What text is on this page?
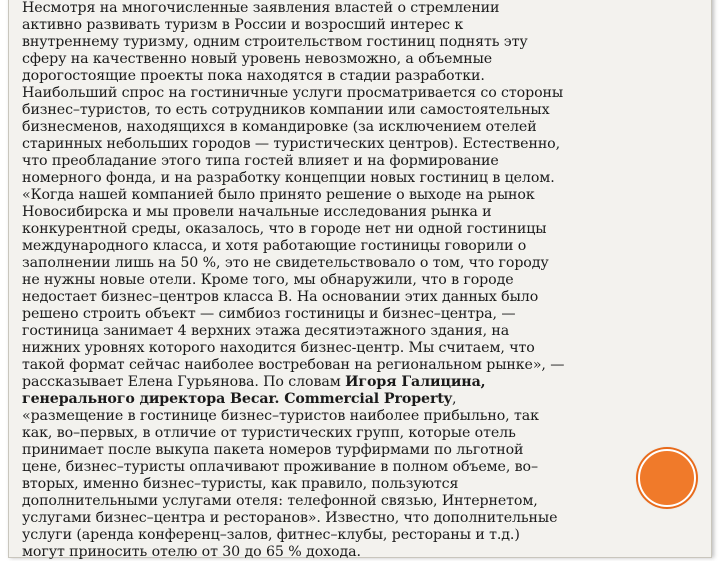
Несмотря на многочисленные заявления властей о стремлении
активно развивать туризм в России и возросший интерес к
внутреннему туризму, одним строительством гостиниц поднять эту
сферу на качественно новый уровень невозможно, а объемные
дорогостоящие проекты пока находятся в стадии разработки.
Наибольший спрос на гостиничные услуги просматривается со стороны
бизнес–туристов, то есть сотрудников компании или самостоятельных
бизнесменов, находящихся в командировке (за исключением отелей
старинных небольших городов — туристических центров). Естественно,
что преобладание этого типа гостей влияет и на формирование
номерного фонда, и на разработку концепции новых гостиниц в целом.
«Когда нашей компанией было принято решение о выходе на рынок
Новосибирска и мы провели начальные исследования рынка и
конкурентной среды, оказалось, что в городе нет ни одной гостиницы
международного класса, и хотя работающие гостиницы говорили о
заполнении лишь на 50 %, это не свидетельствовало о том, что городу
не нужны новые отели. Кроме того, мы обнаружили, что в городе
недостает бизнес–центров класса В. На основании этих данных было
решено строить объект — симбиоз гостиницы и бизнес–центра, —
гостиница занимает 4 верхних этажа десятиэтажного здания, на
нижних уровнях которого находится бизнес-центр. Мы считаем, что
такой формат сейчас наиболее востребован на региональном рынке», —
рассказывает Елена Гурьянова. По словам Игоря Галицина,
генерального директора Becar. Commercial Property,
«размещение в гостинице бизнес–туристов наиболее прибыльно, так
как, во–первых, в отличие от туристических групп, которые отель
принимает после выкупа пакета номеров турфирмами по льготной
цене, бизнес–туристы оплачивают проживание в полном объеме, во–
вторых, именно бизнес–туристы, как правило, пользуются
дополнительными услугами отеля: телефонной связью, Интернетом,
услугами бизнес–центра и ресторанов». Известно, что дополнительные
услуги (аренда конференц–залов, фитнес–клубы, рестораны и т.д.)
могут приносить отелю от 30 до 65 % дохода.
